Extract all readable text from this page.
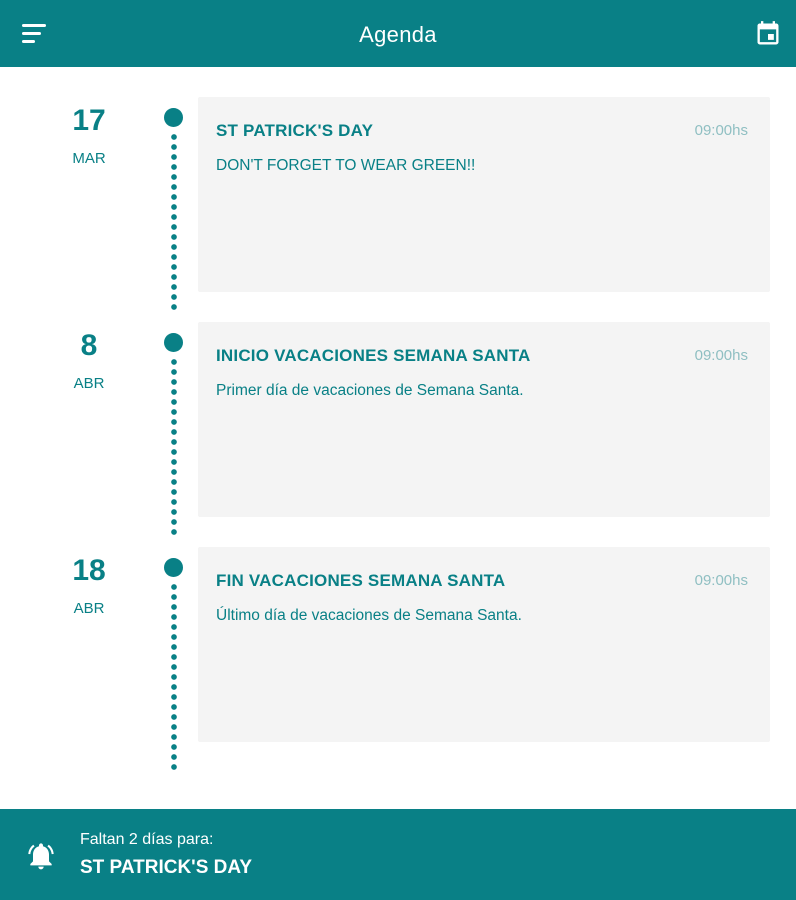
Agenda
17
MAR
ST PATRICK'S DAY	09:00hs
DON'T FORGET TO WEAR GREEN!!
8
ABR
INICIO VACACIONES SEMANA SANTA	09:00hs
Primer día de vacaciones de Semana Santa.
18
ABR
FIN VACACIONES SEMANA SANTA	09:00hs
Último día de vacaciones de Semana Santa.
Faltan 2 días para:
ST PATRICK'S DAY
